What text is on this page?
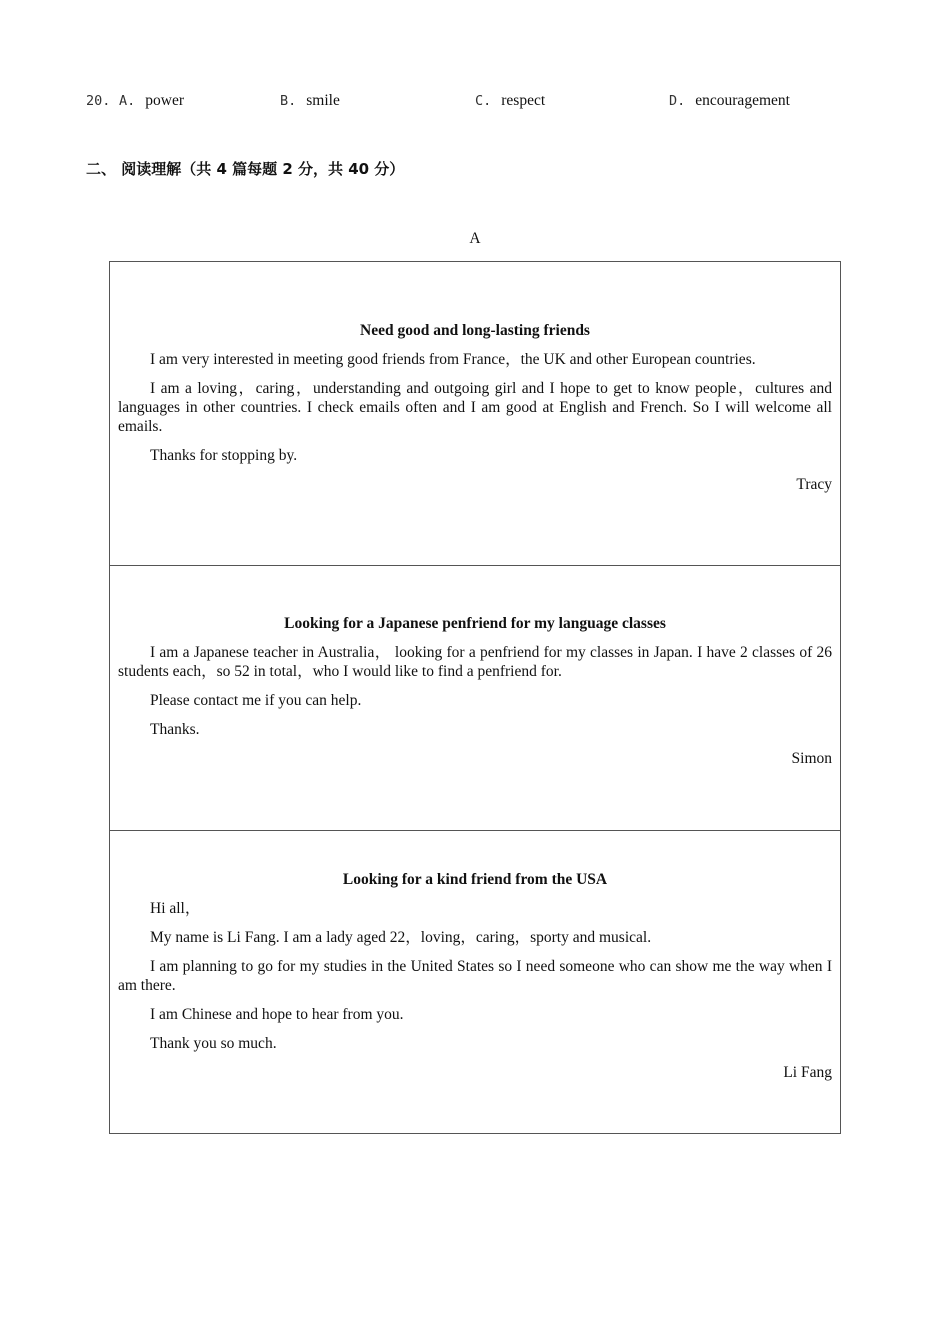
20. A. power	B. smile	C. respect	D. encouragement
二、 阅读理解（共 4 篇每题 2 分，共 40 分）
A
Need good and long-lasting friends

I am very interested in meeting good friends from France，the UK and other European countries.

I am a loving，caring，understanding and outgoing girl and I hope to get to know people，cultures and languages in other countries. I check emails often and I am good at English and French. So I will welcome all emails.

Thanks for stopping by.

Tracy

Looking for a Japanese penfriend for my language classes

I am a Japanese teacher in Australia， looking for a penfriend for my classes in Japan. I have 2 classes of 26 students each，so 52 in total，who I would like to find a penfriend for.

Please contact me if you can help.

Thanks.

Simon

Looking for a kind friend from the USA

Hi all，

My name is Li Fang. I am a lady aged 22，loving，caring，sporty and musical.

I am planning to go for my studies in the United States so I need someone who can show me the way when I am there.

I am Chinese and hope to hear from you.

Thank you so much.

Li Fang
